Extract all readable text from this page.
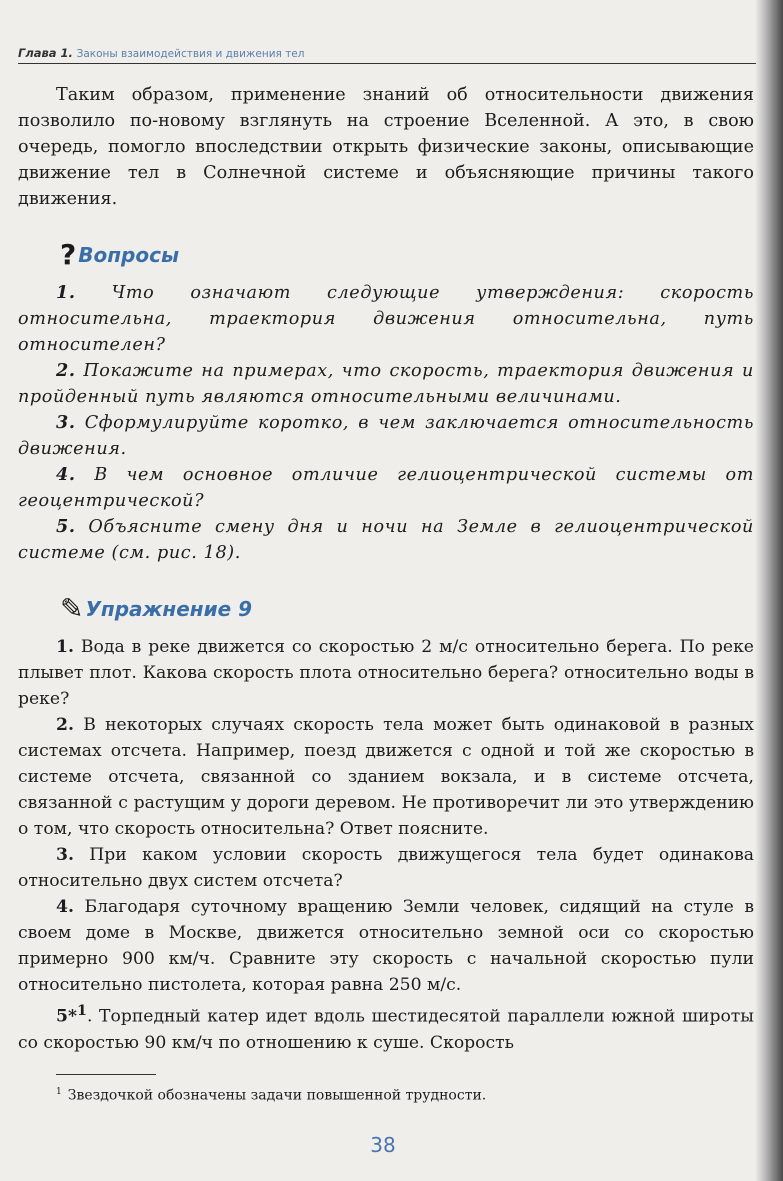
Глава 1. Законы взаимодействия и движения тел

Таким образом, применение знаний об относительности движения позволило по-новому взглянуть на строение Вселенной. А это, в свою очередь, помогло впоследствии открыть физические законы, описывающие движение тел в Солнечной системе и объясняющие причины такого движения.

? Вопросы

1. Что означают следующие утверждения: скорость относительна, траектория движения относительна, путь относителен?

2. Покажите на примерах, что скорость, траектория движения и пройденный путь являются относительными величинами.

3. Сформулируйте коротко, в чем заключается относительность движения.

4. В чем основное отличие гелиоцентрической системы от геоцентрической?

5. Объясните смену дня и ночи на Земле в гелиоцентрической системе (см. рис. 18).

✎ Упражнение 9

1. Вода в реке движется со скоростью 2 м/с относительно берега. По реке плывет плот. Какова скорость плота относительно берега? относительно воды в реке?

2. В некоторых случаях скорость тела может быть одинаковой в разных системах отсчета. Например, поезд движется с одной и той же скоростью в системе отсчета, связанной со зданием вокзала, и в системе отсчета, связанной с растущим у дороги деревом. Не противоречит ли это утверждению о том, что скорость относительна? Ответ поясните.

3. При каком условии скорость движущегося тела будет одинакова относительно двух систем отсчета?

4. Благодаря суточному вращению Земли человек, сидящий на стуле в своем доме в Москве, движется относительно земной оси со скоростью примерно 900 км/ч. Сравните эту скорость с начальной скоростью пули относительно пистолета, которая равна 250 м/с.

5*$^1$. Торпедный катер идет вдоль шестидесятой параллели южной широты со скоростью 90 км/ч по отношению к суше. Скорость

$^1$ Звездочкой обозначены задачи повышенной трудности.
38
